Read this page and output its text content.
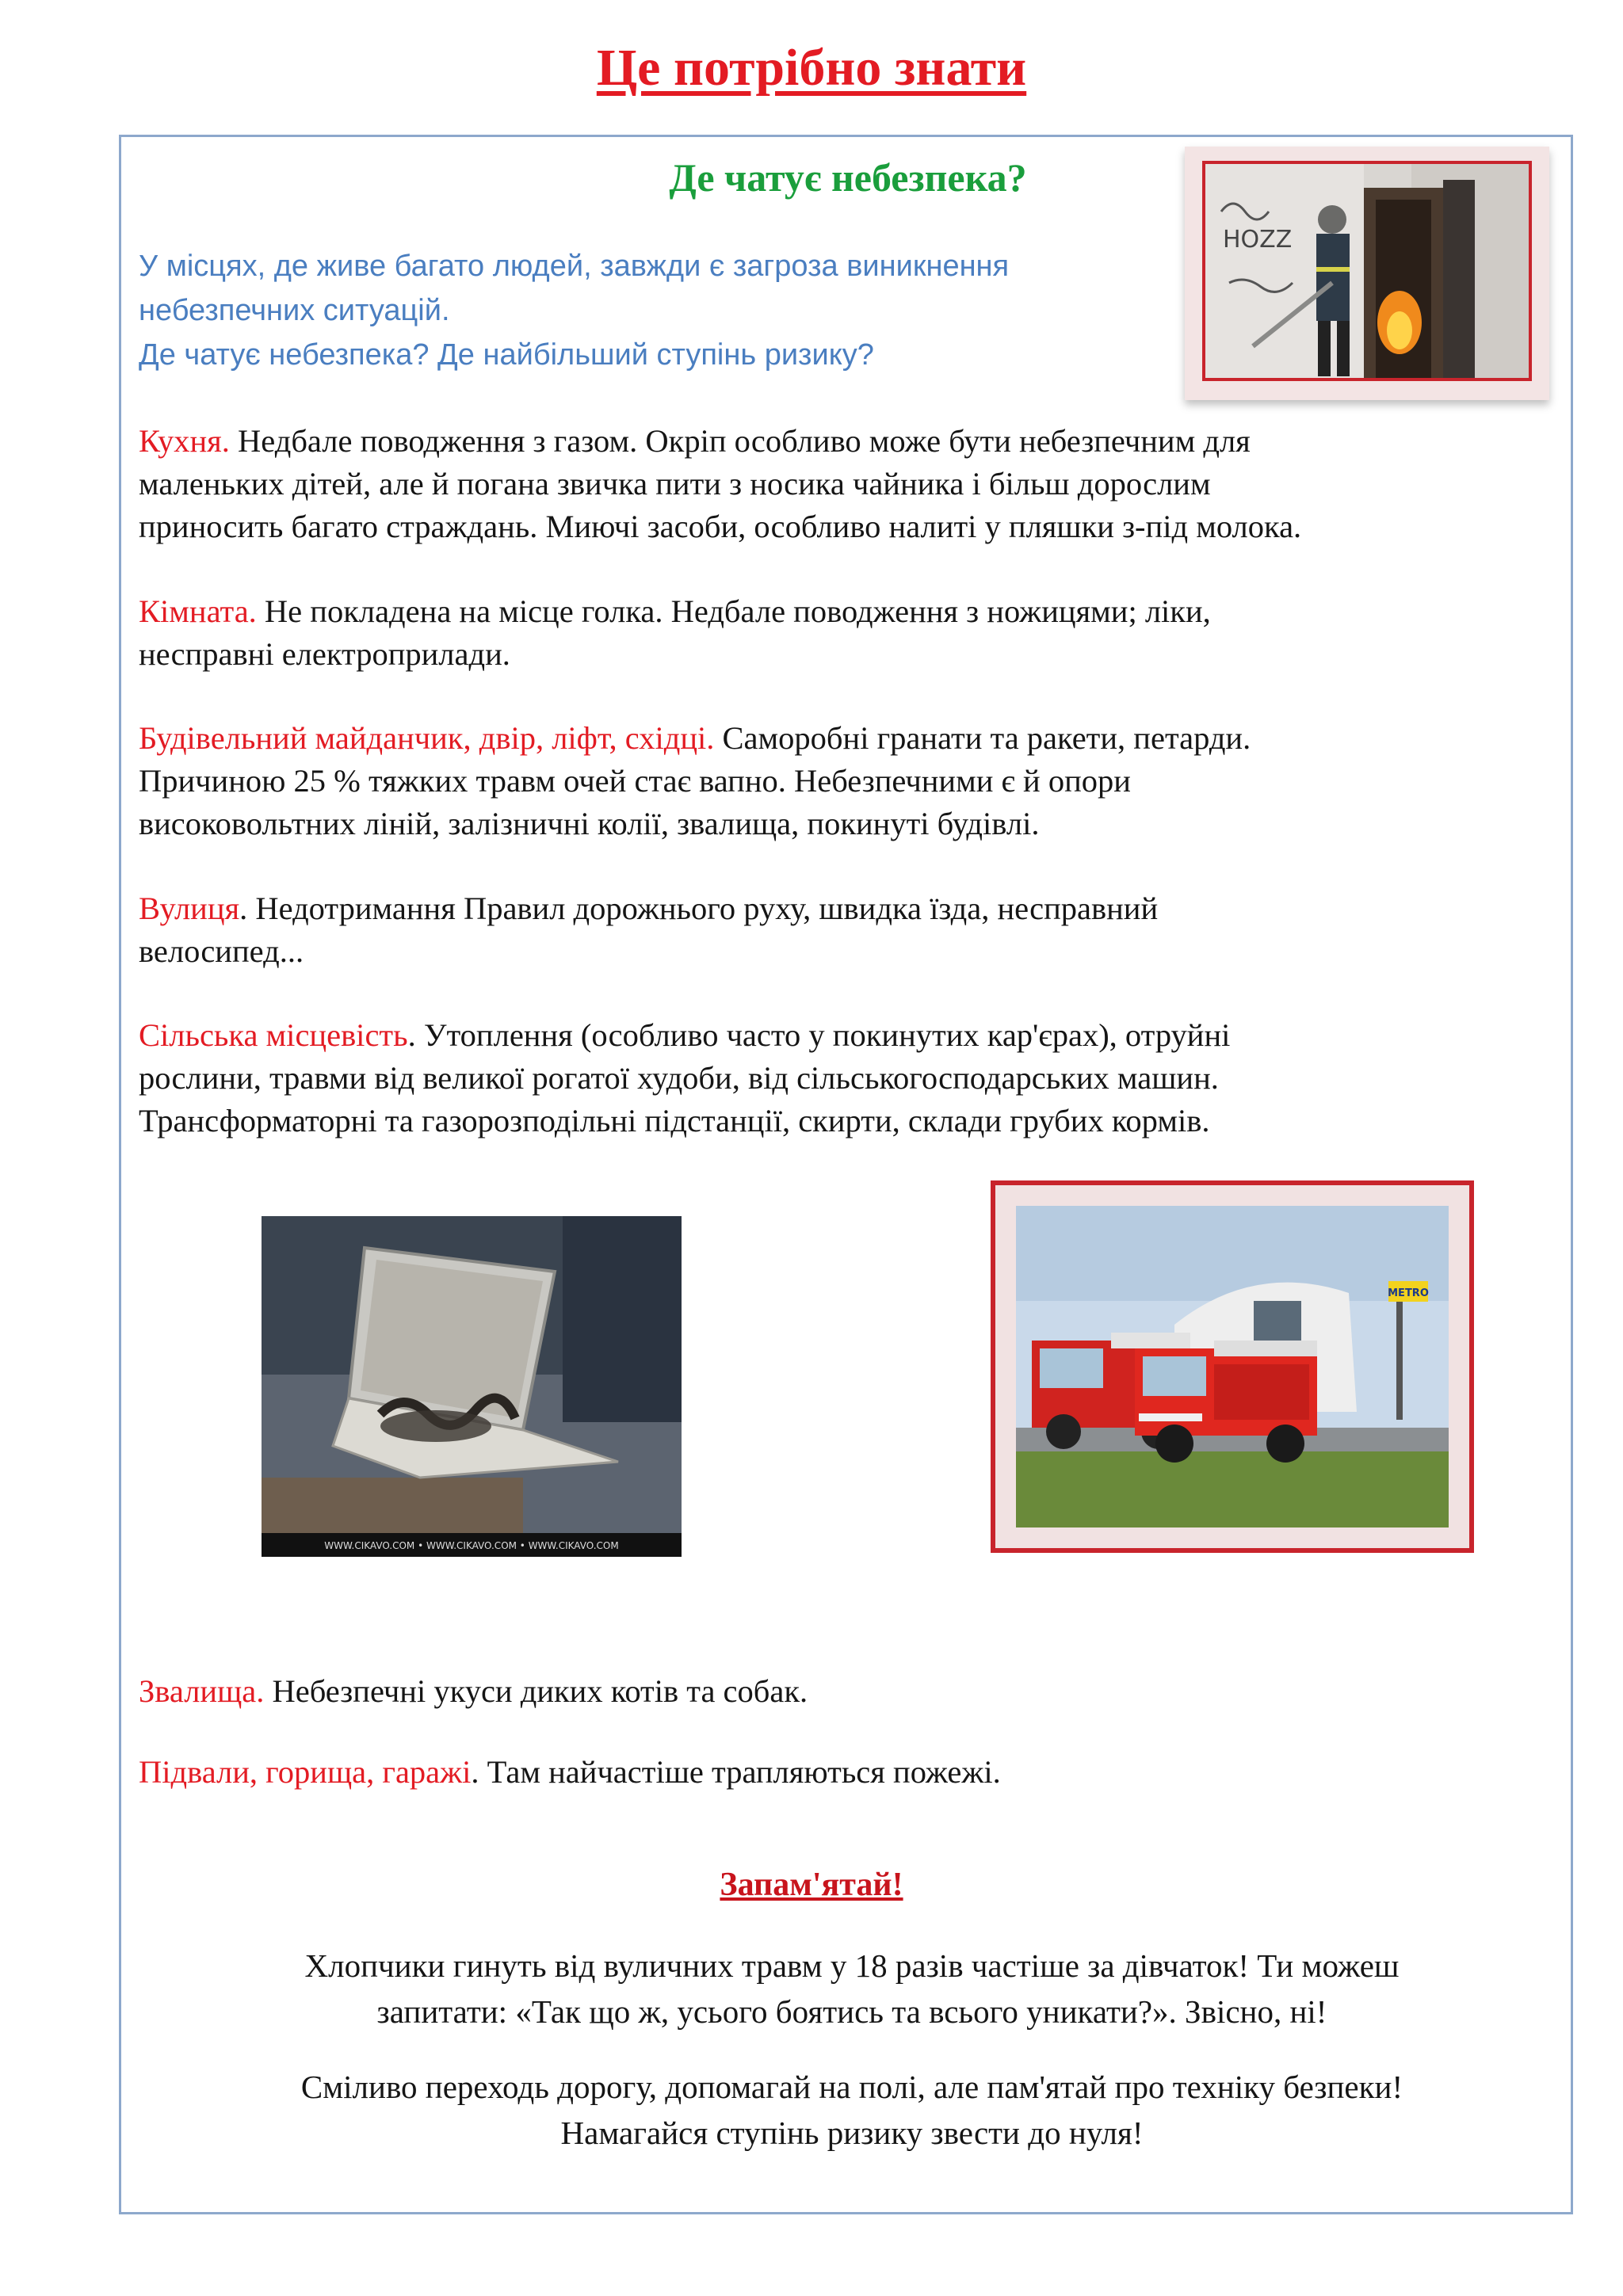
Це потрібно знати
Де чатує небезпека?
У місцях, де живе багато людей, завжди є загроза виникнення
небезпечних ситуацій.
Де чатує небезпека? Де найбільший ступінь ризику?
HOZZ
Кухня. Недбале поводження з газом. Окріп особливо може бути небезпечним для
маленьких дітей, але й погана звичка пити з носика чайника і більш дорослим
приносить багато страждань. Миючі засоби, особливо налиті у пляшки з-під молока.
Кімната. Не покладена на місце голка. Недбале поводження з ножицями; ліки,
несправні електроприлади.
Будівельний майданчик, двір, ліфт, східці. Саморобні гранати та ракети, петарди.
Причиною 25 % тяжких травм очей стає вапно. Небезпечними є й опори
високовольтних ліній, залізничні колії, звалища, покинуті будівлі.
Вулиця. Недотримання Правил дорожнього руху, швидка їзда, несправний
велосипед...
Сільська місцевість. Утоплення (особливо часто у покинутих кар'єрах), отруйні
рослини, травми від великої рогатої худоби, від сільськогосподарських машин.
Трансформаторні та газорозподільні підстанції, скирти, склади грубих кормів.
WWW.CIKAVO.COM • WWW.CIKAVO.COM • WWW.CIKAVO.COM
METRO
Звалища. Небезпечні укуси диких котів та собак.
Підвали, горища, гаражі. Там найчастіше трапляються пожежі.
Запам'ятай!
Хлопчики гинуть від вуличних травм у 18 разів частіше за дівчаток! Ти можеш
запитати: «Так що ж, усього боятись та всього уникати?». Звісно, ні!
Сміливо переходь дорогу, допомагай на полі, але пам'ятай про техніку безпеки!
Намагайся ступінь ризику звести до нуля!
